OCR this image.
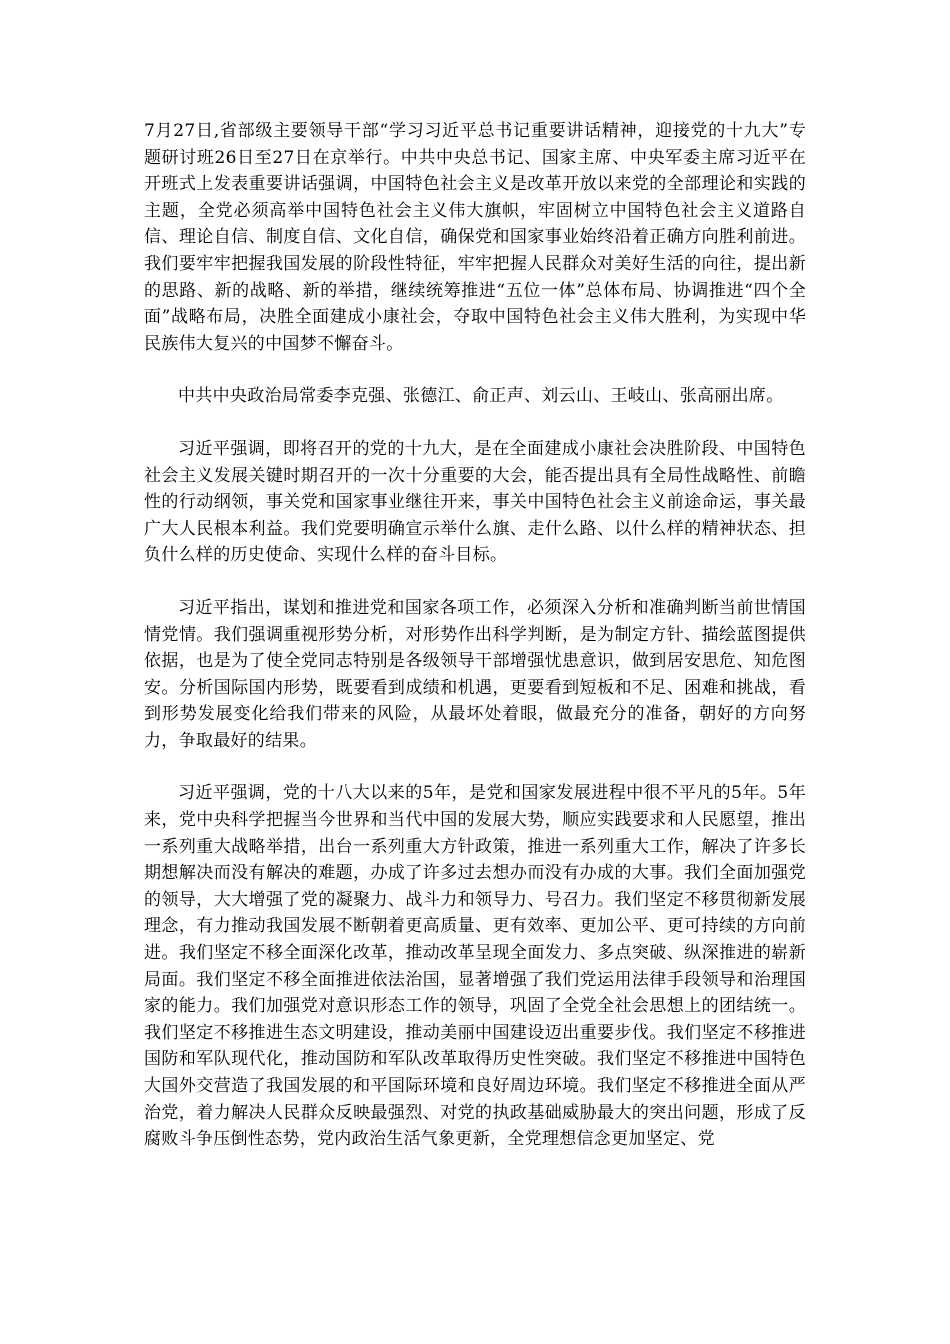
7月27日,省部级主要领导干部“学习习近平总书记重要讲话精神，迎接党的十九大”专题研讨班26日至27日在京举行。中共中央总书记、国家主席、中央军委主席习近平在开班式上发表重要讲话强调，中国特色社会主义是改革开放以来党的全部理论和实践的主题，全党必须高举中国特色社会主义伟大旗帜，牢固树立中国特色社会主义道路自信、理论自信、制度自信、文化自信，确保党和国家事业始终沿着正确方向胜利前进。我们要牢牢把握我国发展的阶段性特征，牢牢把握人民群众对美好生活的向往，提出新的思路、新的战略、新的举措，继续统筹推进“五位一体”总体布局、协调推进“四个全面”战略布局，决胜全面建成小康社会，夺取中国特色社会主义伟大胜利，为实现中华民族伟大复兴的中国梦不懈奋斗。

中共中央政治局常委李克强、张德江、俞正声、刘云山、王岐山、张高丽出席。

习近平强调，即将召开的党的十九大，是在全面建成小康社会决胜阶段、中国特色社会主义发展关键时期召开的一次十分重要的大会，能否提出具有全局性战略性、前瞻性的行动纲领，事关党和国家事业继往开来，事关中国特色社会主义前途命运，事关最广大人民根本利益。我们党要明确宣示举什么旗、走什么路、以什么样的精神状态、担负什么样的历史使命、实现什么样的奋斗目标。

习近平指出，谋划和推进党和国家各项工作，必须深入分析和准确判断当前世情国情党情。我们强调重视形势分析，对形势作出科学判断，是为制定方针、描绘蓝图提供依据，也是为了使全党同志特别是各级领导干部增强忧患意识，做到居安思危、知危图安。分析国际国内形势，既要看到成绩和机遇，更要看到短板和不足、困难和挑战，看到形势发展变化给我们带来的风险，从最坏处着眼，做最充分的准备，朝好的方向努力，争取最好的结果。

习近平强调，党的十八大以来的5年，是党和国家发展进程中很不平凡的5年。5年来，党中央科学把握当今世界和当代中国的发展大势，顺应实践要求和人民愿望，推出一系列重大战略举措，出台一系列重大方针政策，推进一系列重大工作，解决了许多长期想解决而没有解决的难题，办成了许多过去想办而没有办成的大事。我们全面加强党的领导，大大增强了党的凝聚力、战斗力和领导力、号召力。我们坚定不移贯彻新发展理念，有力推动我国发展不断朝着更高质量、更有效率、更加公平、更可持续的方向前进。我们坚定不移全面深化改革，推动改革呈现全面发力、多点突破、纵深推进的崭新局面。我们坚定不移全面推进依法治国，显著增强了我们党运用法律手段领导和治理国家的能力。我们加强党对意识形态工作的领导，巩固了全党全社会思想上的团结统一。我们坚定不移推进生态文明建设，推动美丽中国建设迈出重要步伐。我们坚定不移推进国防和军队现代化，推动国防和军队改革取得历史性突破。我们坚定不移推进中国特色大国外交营造了我国发展的和平国际环境和良好周边环境。我们坚定不移推进全面从严治党，着力解决人民群众反映最强烈、对党的执政基础威胁最大的突出问题，形成了反腐败斗争压倒性态势，党内政治生活气象更新，全党理想信念更加坚定、党
